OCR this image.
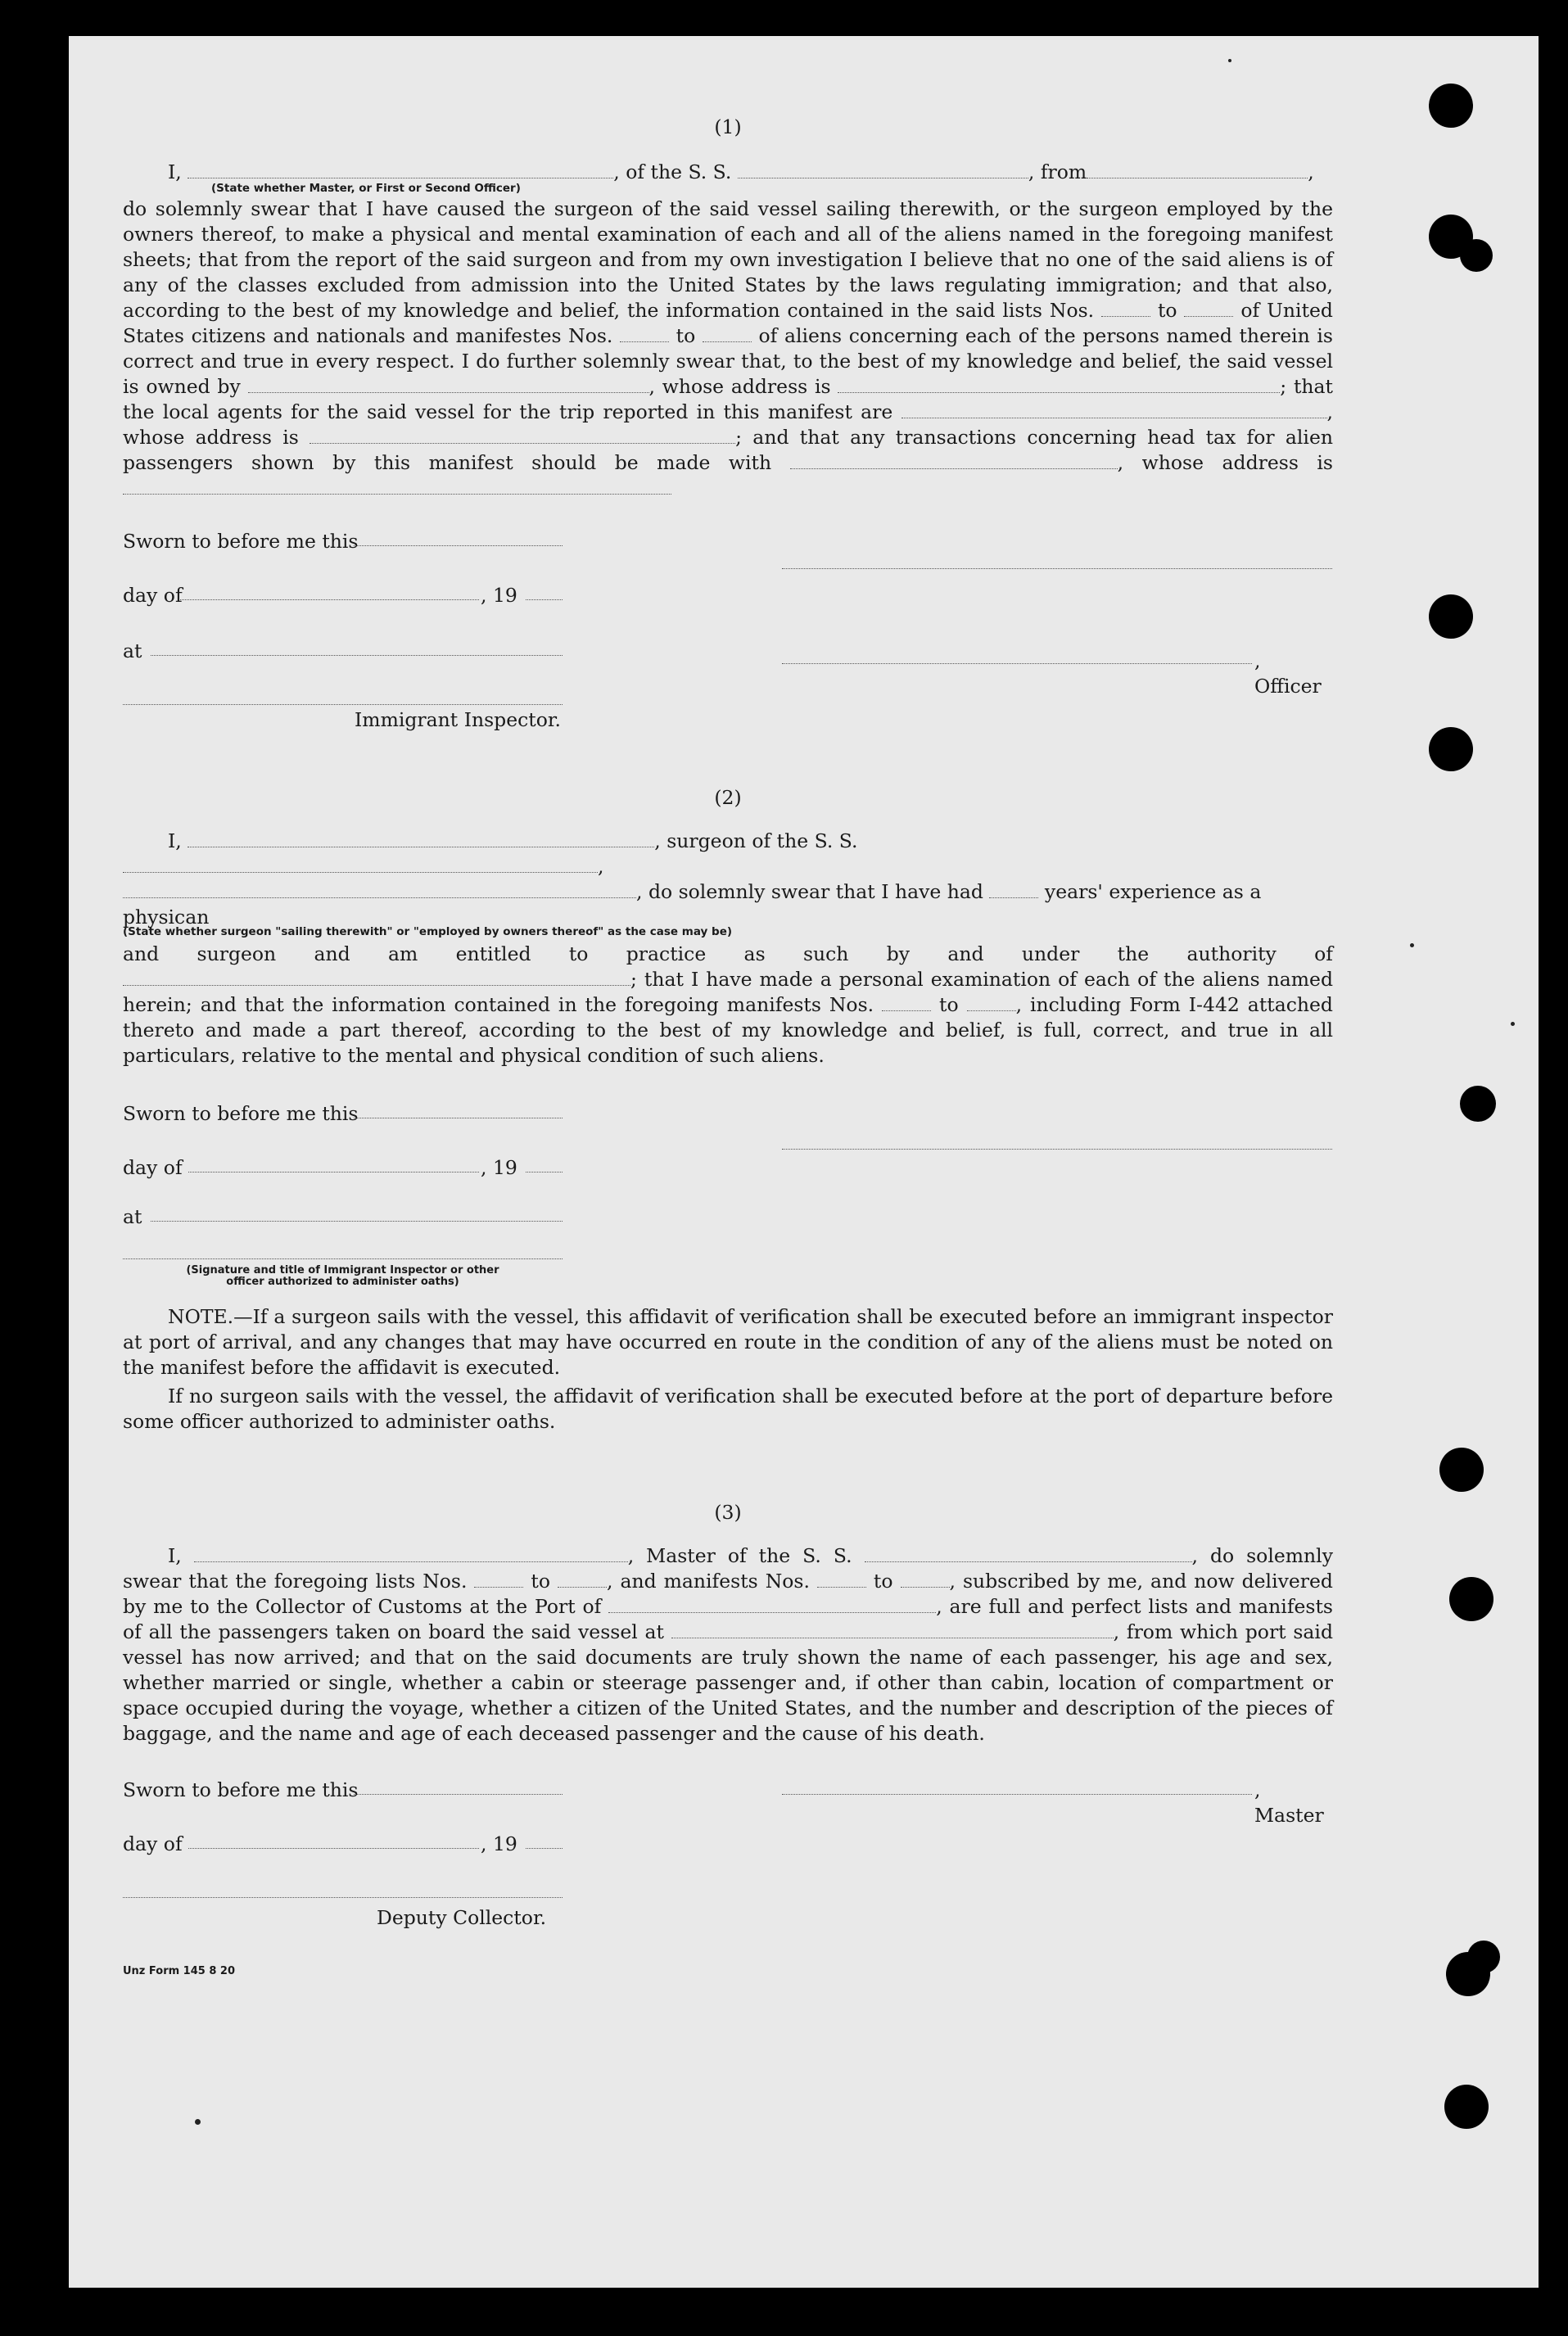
(1)

I,	, of the S. S.	, from	,

(State whether Master, or First or Second Officer)

do solemnly swear that I have caused the surgeon of the said vessel sailing therewith, or the surgeon employed by the owners thereof, to make a physical and mental examination of each and all of the aliens named in the foregoing manifest sheets; that from the report of the said surgeon and from my own investigation I believe that no one of the said aliens is of any of the classes excluded from admission into the United States by the laws regulating immigration; and that also, according to the best of my knowledge and belief, the information contained in the said lists Nos.	to	of United States citizens and nationals and manifestes Nos.	to	of aliens concerning each of the persons named therein is correct and true in every respect. I do further solemnly swear that, to the best of my knowledge and belief, the said vessel is owned by	, whose address is	; that the local agents for the said vessel for the trip reported in this manifest are	, whose address is	; and that any transactions concerning head tax for alien passengers shown by this manifest should be made with	, whose address is

Sworn to before me this
day of	, 19
at	, Officer

Immigrant Inspector.

(2)

I,	, surgeon of the S. S. ,

, do solemnly swear that I have had	years' experience as a physican

(State whether surgeon "sailing therewith" or "employed by owners thereof" as the case may be)

and surgeon and am entitled to practice as such by and under the authority of ; that I have made a personal examination of each of the aliens named herein; and that the information contained in the foregoing manifests Nos.	to	, including Form I-442 attached thereto and made a part thereof, according to the best of my knowledge and belief, is full, correct, and true in all particulars, relative to the mental and physical condition of such aliens.

Sworn to before me this
day of	, 19
at

(Signature and title of Immigrant Inspector or other
officer authorized to administer oaths)

NOTE.—If a surgeon sails with the vessel, this affidavit of verification shall be executed before an immigrant inspector at port of arrival, and any changes that may have occurred en route in the condition of any of the aliens must be noted on the manifest before the affidavit is executed.

If no surgeon sails with the vessel, the affidavit of verification shall be executed before at the port of departure before some officer authorized to administer oaths.

(3)

I,	, Master of the S. S.	, do solemnly swear that the foregoing lists Nos.	to	, and manifests Nos.	to	, subscribed by me, and now delivered by me to the Collector of Customs at the Port of	, are full and perfect lists and manifests of all the passengers taken on board the said vessel at	, from which port said vessel has now arrived; and that on the said documents are truly shown the name of each passenger, his age and sex, whether married or single, whether a cabin or steerage passenger and, if other than cabin, location of compartment or space occupied during the voyage, whether a citizen of the United States, and the number and description of the pieces of baggage, and the name and age of each deceased passenger and the cause of his death.

Sworn to before me this	, Master
day of	, 19

Deputy Collector.

Unz Form 145 8 20
